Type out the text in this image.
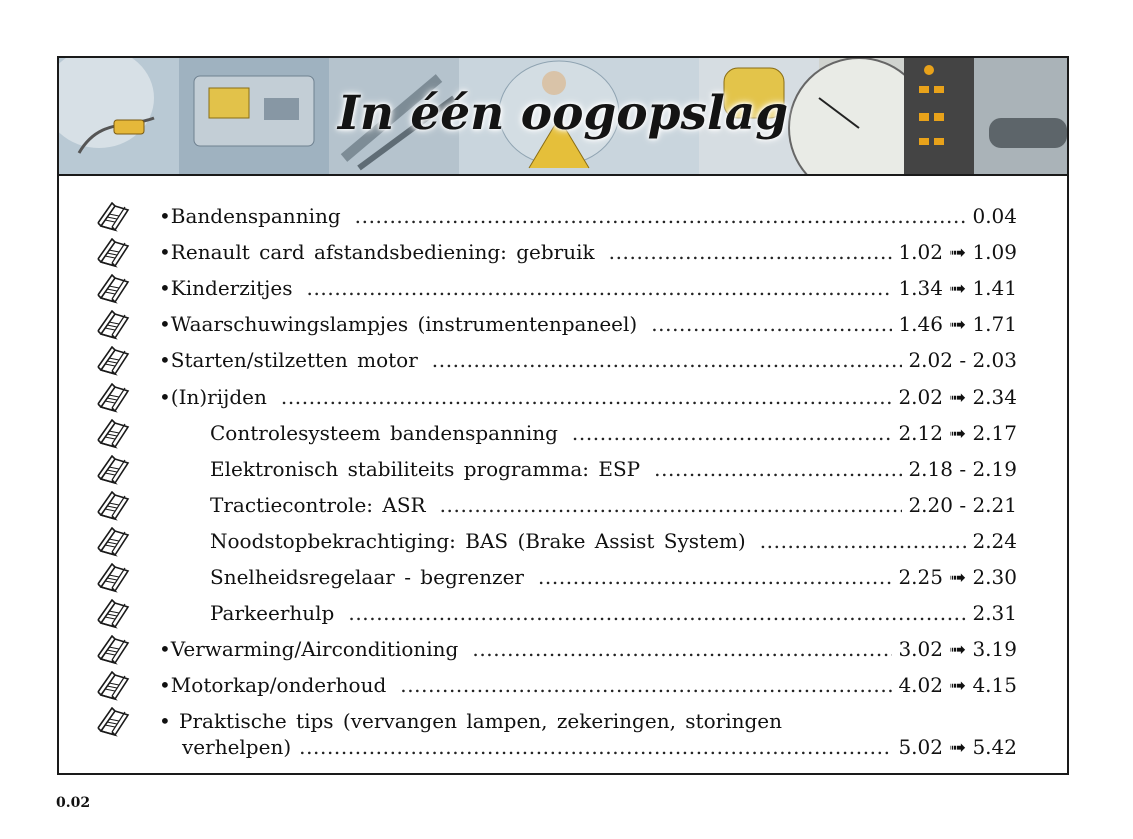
In één oogopslag
• Bandenspanning .....	0.04
• Renault card afstandsbediening: gebruik .....	1.02 ➟ 1.09
• Kinderzitjes .....	1.34 ➟ 1.41
• Waarschuwingslampjes (instrumentenpaneel) .....	1.46 ➟ 1.71
• Starten/stilzetten motor .....	2.02 - 2.03
• (In)rijden .....	2.02 ➟ 2.34
Controlesysteem bandenspanning .....	2.12 ➟ 2.17
Elektronisch stabiliteits programma: ESP .....	2.18 - 2.19
Tractiecontrole: ASR .....	2.20 - 2.21
Noodstopbekrachtiging: BAS (Brake Assist System) .....	2.24
Snelheidsregelaar - begrenzer .....	2.25 ➟ 2.30
Parkeerhulp .....	2.31
• Verwarming/Airconditioning .....	3.02 ➟ 3.19
• Motorkap/onderhoud .....	4.02 ➟ 4.15
• Praktische tips (vervangen lampen, zekeringen, storingen
verhelpen) .....	5.02 ➟ 5.42
0.02
